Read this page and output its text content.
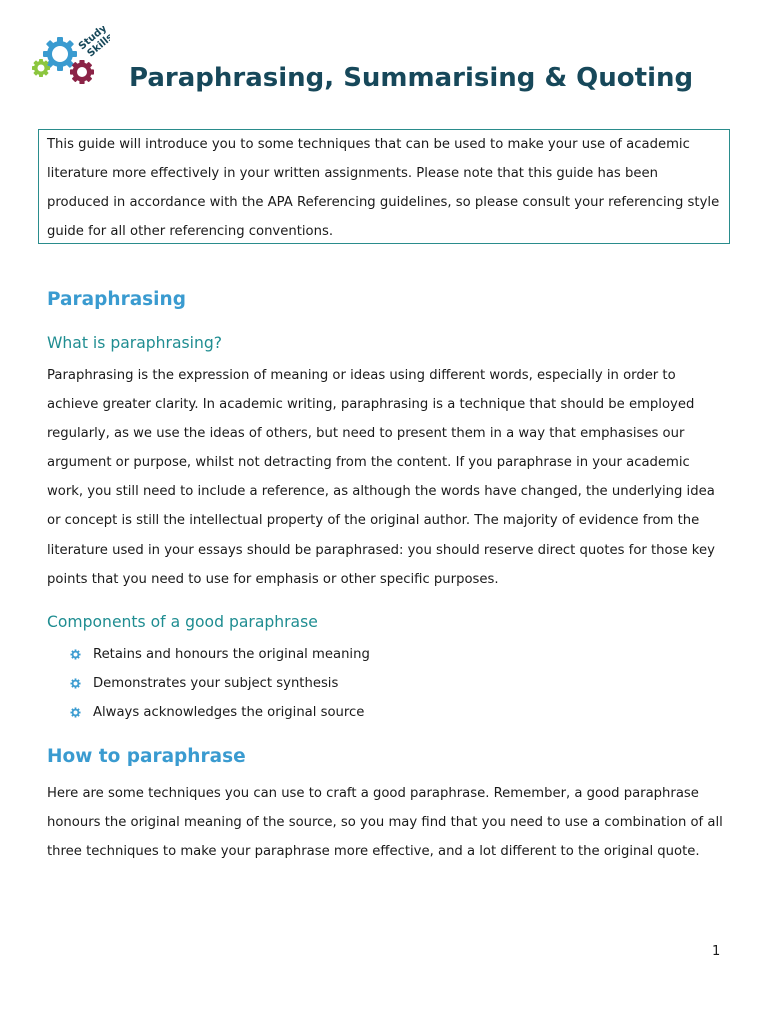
Study
Skills
Paraphrasing, Summarising & Quoting

This guide will introduce you to some techniques that can be used to make your use of academic literature more effectively in your written assignments. Please note that this guide has been produced in accordance with the APA Referencing guidelines, so please consult your referencing style guide for all other referencing conventions.

Paraphrasing
What is paraphrasing?

Paraphrasing is the expression of meaning or ideas using different words, especially in order to achieve greater clarity. In academic writing, paraphrasing is a technique that should be employed regularly, as we use the ideas of others, but need to present them in a way that emphasises our argument or purpose, whilst not detracting from the content. If you paraphrase in your academic work, you still need to include a reference, as although the words have changed, the underlying idea or concept is still the intellectual property of the original author. The majority of evidence from the literature used in your essays should be paraphrased: you should reserve direct quotes for those key points that you need to use for emphasis or other specific purposes.

Components of a good paraphrase
Retains and honours the original meaning
Demonstrates your subject synthesis
Always acknowledges the original source
How to paraphrase

Here are some techniques you can use to craft a good paraphrase. Remember, a good paraphrase honours the original meaning of the source, so you may find that you need to use a combination of all three techniques to make your paraphrase more effective, and a lot different to the original quote.

1
